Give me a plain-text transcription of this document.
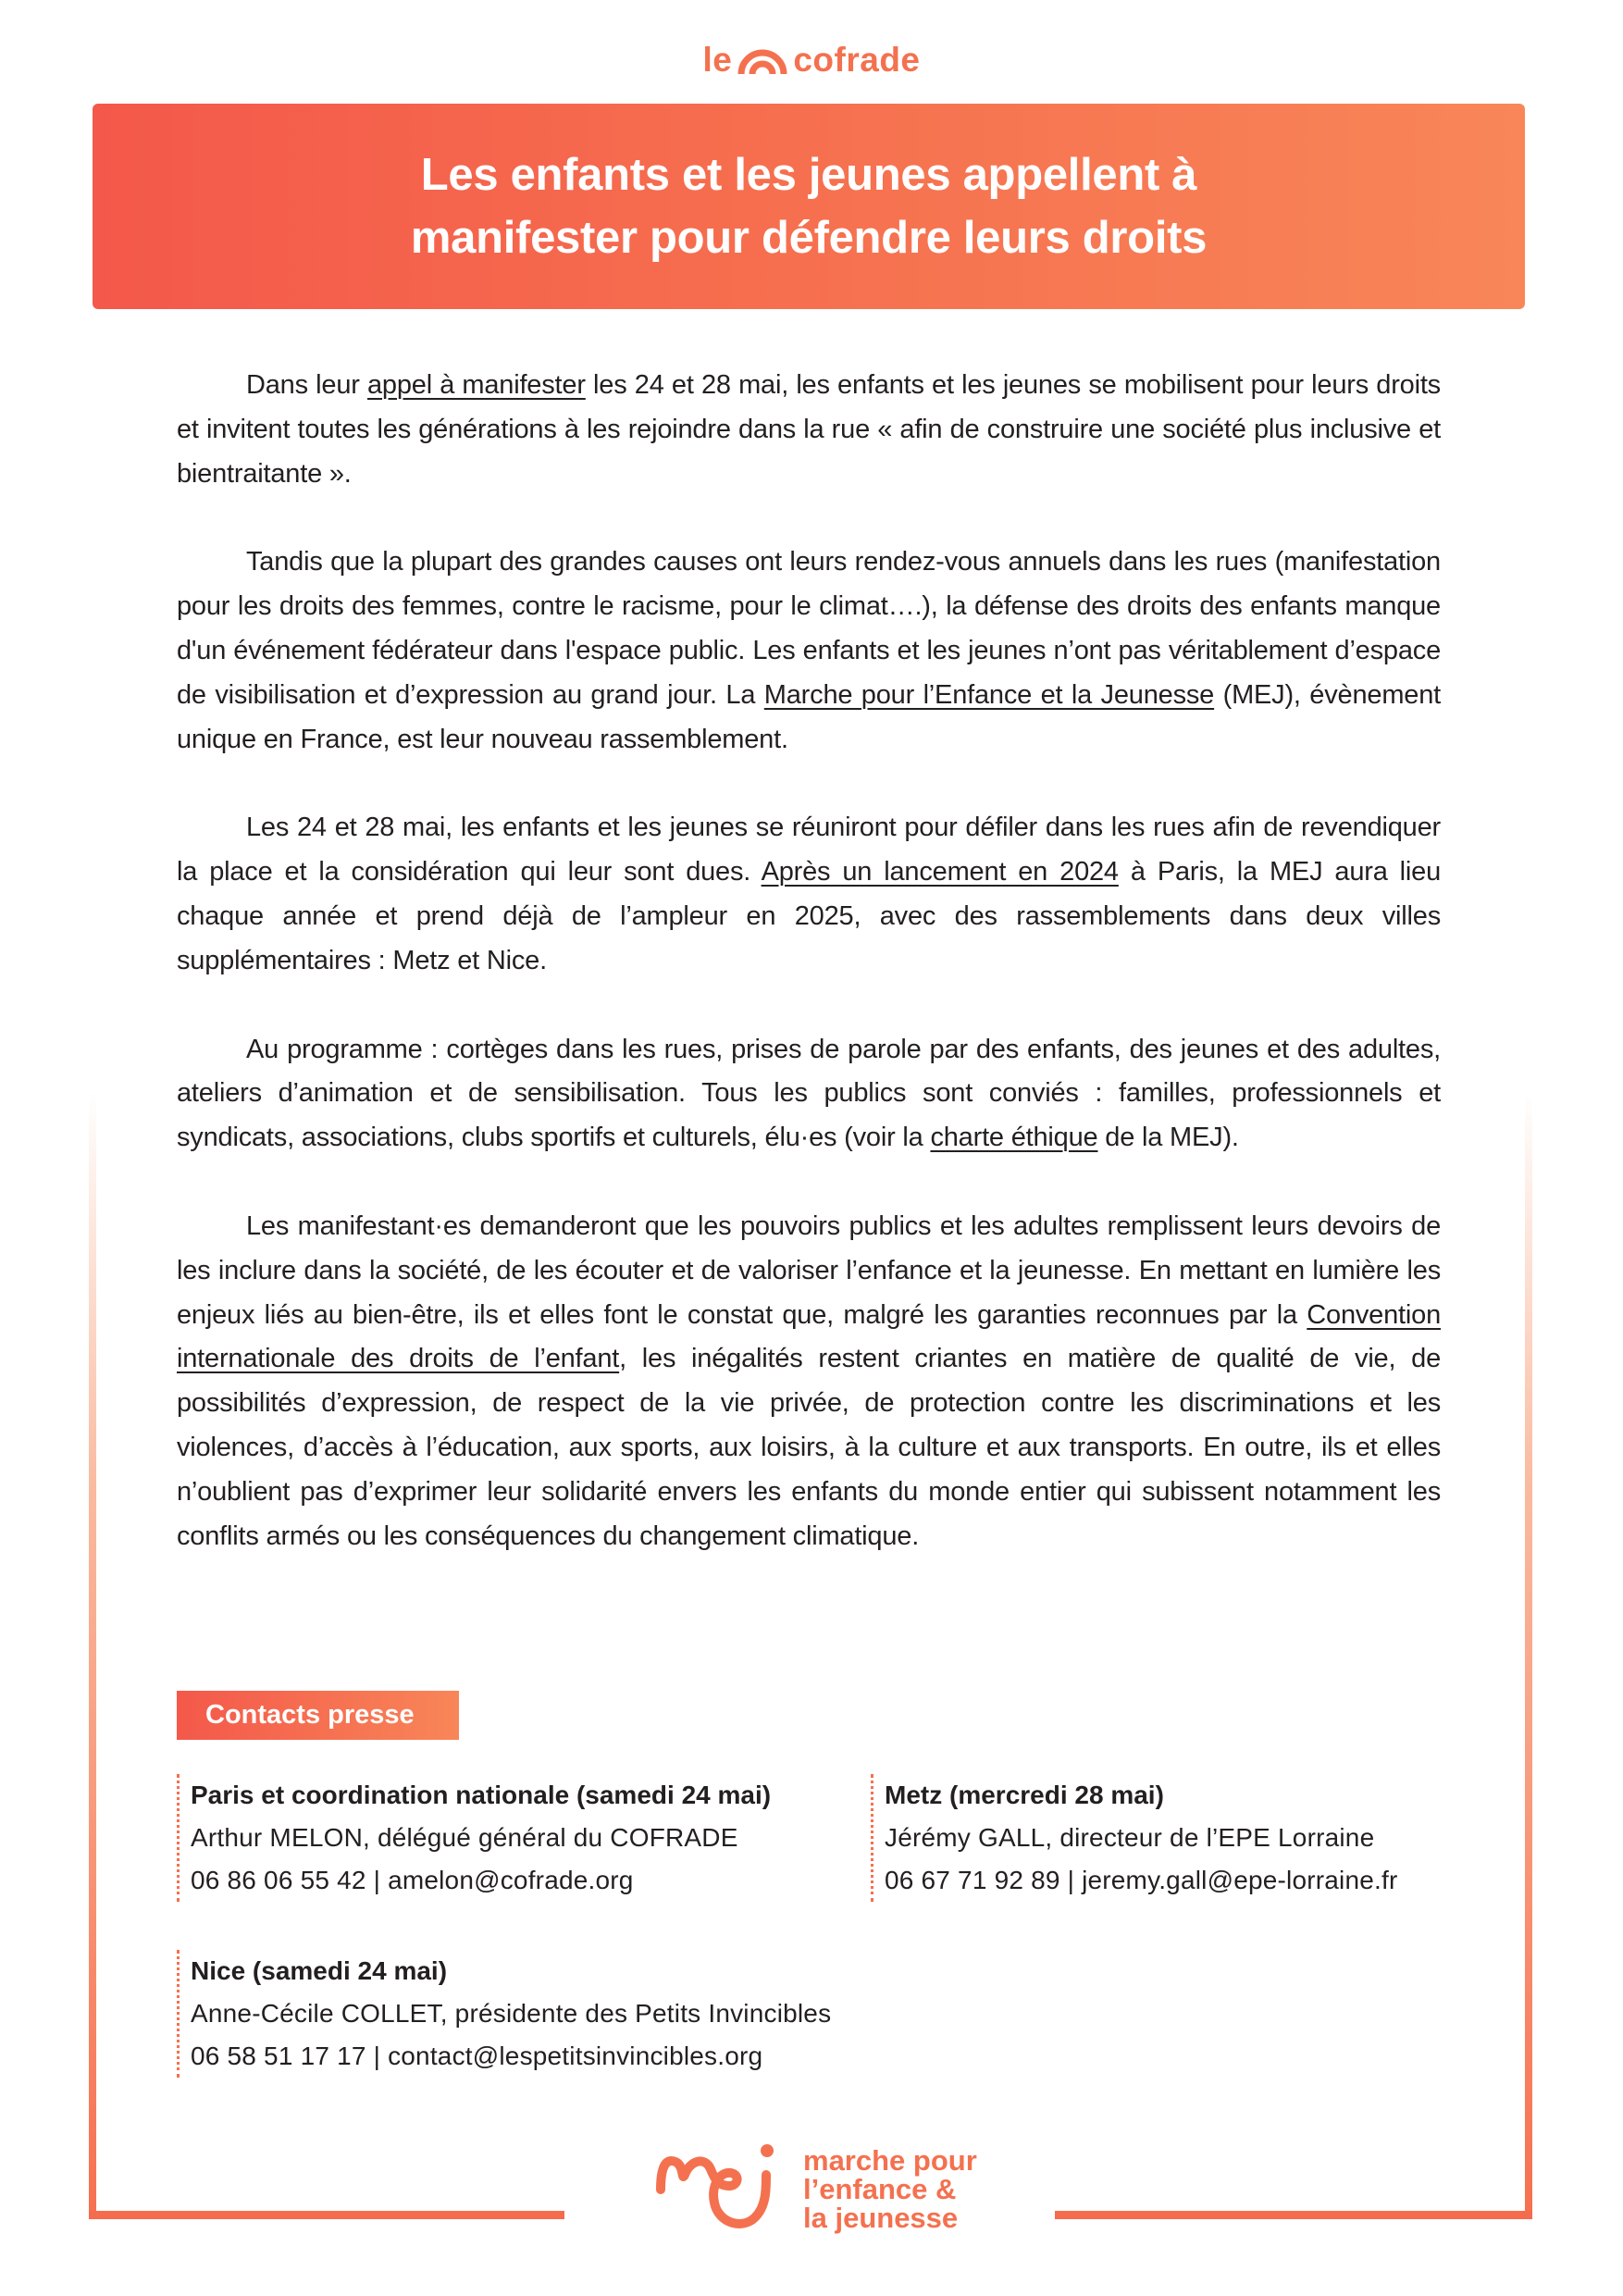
le cofrade
Les enfants et les jeunes appellent à
manifester pour défendre leurs droits

Dans leur appel à manifester les 24 et 28 mai, les enfants et les jeunes se mobilisent pour leurs droits et invitent toutes les générations à les rejoindre dans la rue « afin de construire une société plus inclusive et bientraitante ».

Tandis que la plupart des grandes causes ont leurs rendez-vous annuels dans les rues (manifestation pour les droits des femmes, contre le racisme, pour le climat….), la défense des droits des enfants manque d'un événement fédérateur dans l'espace public. Les enfants et les jeunes n’ont pas véritablement d’espace de visibilisation et d’expression au grand jour. La Marche pour l’Enfance et la Jeunesse (MEJ), évènement unique en France, est leur nouveau rassemblement.

Les 24 et 28 mai, les enfants et les jeunes se réuniront pour défiler dans les rues afin de revendiquer la place et la considération qui leur sont dues. Après un lancement en 2024 à Paris, la MEJ aura lieu chaque année et prend déjà de l’ampleur en 2025, avec des rassemblements dans deux villes supplémentaires : Metz et Nice.

Au programme : cortèges dans les rues, prises de parole par des enfants, des jeunes et des adultes, ateliers d’animation et de sensibilisation. Tous les publics sont conviés : familles, professionnels et syndicats, associations, clubs sportifs et culturels, élu·es (voir la charte éthique de la MEJ).

Les manifestant·es demanderont que les pouvoirs publics et les adultes remplissent leurs devoirs de les inclure dans la société, de les écouter et de valoriser l’enfance et la jeunesse. En mettant en lumière les enjeux liés au bien-être, ils et elles font le constat que, malgré les garanties reconnues par la Convention internationale des droits de l’enfant, les inégalités restent criantes en matière de qualité de vie, de possibilités d’expression, de respect de la vie privée, de protection contre les discriminations et les violences, d’accès à l’éducation, aux sports, aux loisirs, à la culture et aux transports. En outre, ils et elles n’oublient pas d’exprimer leur solidarité envers les enfants du monde entier qui subissent notamment les conflits armés ou les conséquences du changement climatique.

Contacts presse
Paris et coordination nationale (samedi 24 mai)
Arthur MELON, délégué général du COFRADE
06 86 06 55 42 | amelon@cofrade.org
Metz (mercredi 28 mai)
Jérémy GALL, directeur de l’EPE Lorraine
06 67 71 92 89 | jeremy.gall@epe-lorraine.fr
Nice (samedi 24 mai)
Anne-Cécile COLLET, présidente des Petits Invincibles
06 58 51 17 17 | contact@lespetitsinvincibles.org
marche pour
l’enfance &
la jeunesse
